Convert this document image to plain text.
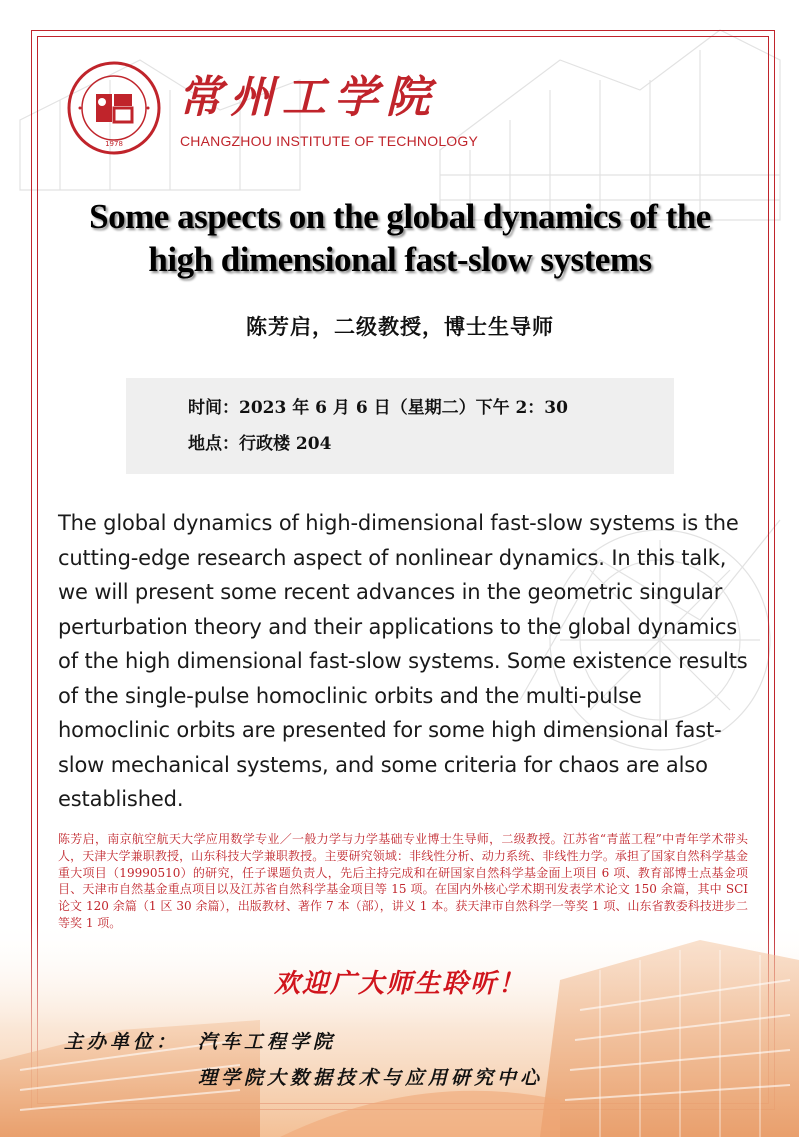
1978
常州工学院
CHANGZHOU INSTITUTE OF TECHNOLOGY
Some aspects on the global dynamics of the high dimensional fast-slow systems
陈芳启，二级教授，博士生导师
时间：2023 年 6 月 6 日（星期二）下午 2：30
地点：行政楼 204
The global dynamics of high-dimensional fast-slow systems is the cutting-edge research aspect of nonlinear dynamics. In this talk, we will present some recent advances in the geometric singular perturbation theory and their applications to the global dynamics of the high dimensional fast-slow systems. Some existence results of the single-pulse homoclinic orbits and the multi-pulse homoclinic orbits are presented for some high dimensional fast-slow mechanical systems, and some criteria for chaos are also established.
陈芳启，南京航空航天大学应用数学专业／一般力学与力学基础专业博士生导师，二级教授。江苏省“青蓝工程”中青年学术带头人，天津大学兼职教授，山东科技大学兼职教授。主要研究领域：非线性分析、动力系统、非线性力学。承担了国家自然科学基金重大项目（19990510）的研究，任子课题负责人，先后主持完成和在研国家自然科学基金面上项目 6 项、教育部博士点基金项目、天津市自然基金重点项目以及江苏省自然科学基金项目等 15 项。在国内外核心学术期刊发表学术论文 150 余篇，其中 SCI 论文 120 余篇（1 区 30 余篇），出版教材、著作 7 本（部），讲义 1 本。获天津市自然科学一等奖 1 项、山东省教委科技进步二
欢迎广大师生聆听！
主办单位： 汽车工程学院
理学院大数据技术与应用研究中心
